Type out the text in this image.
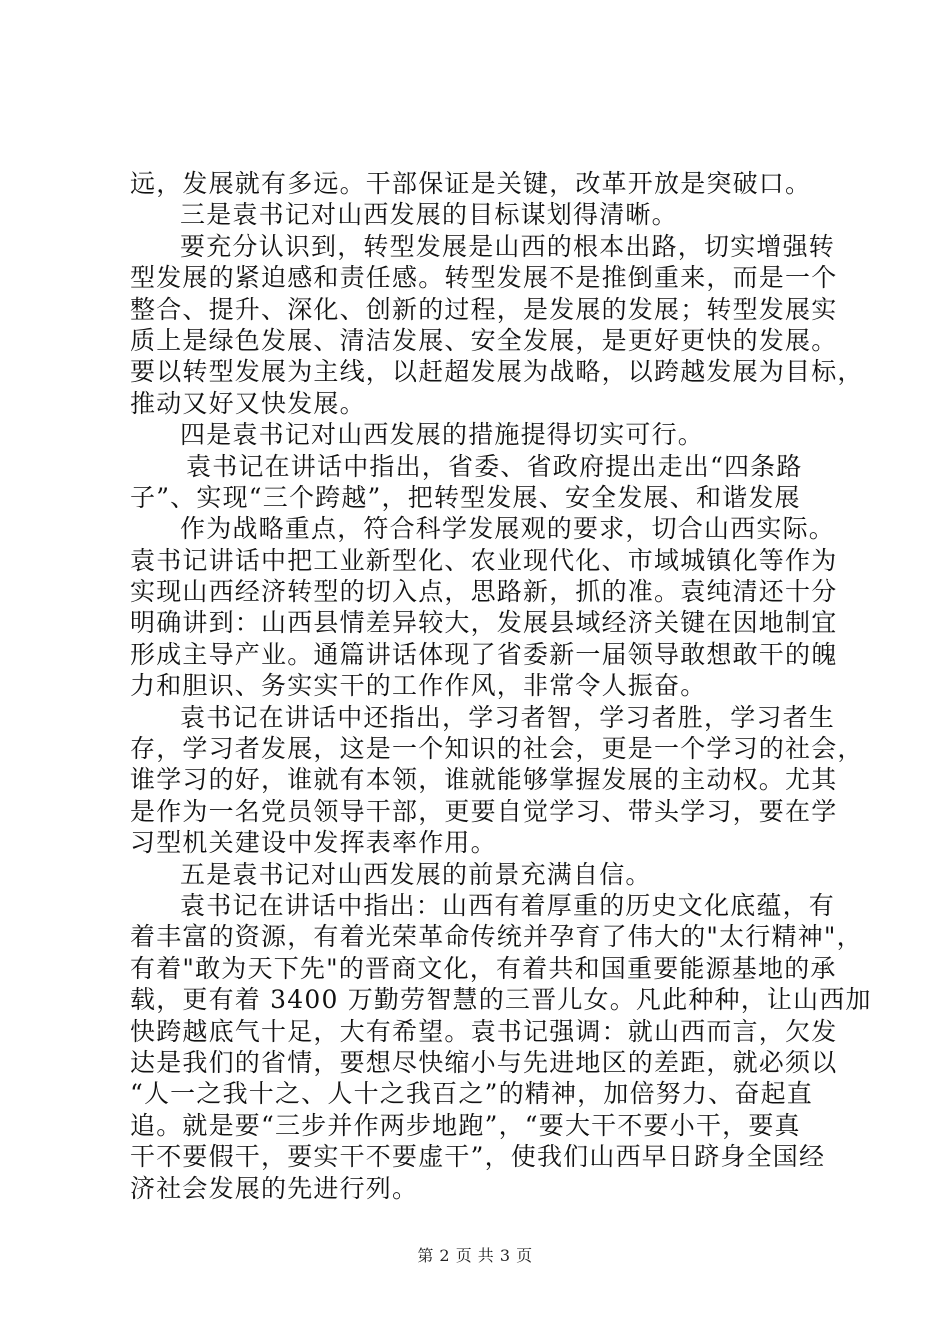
远，发展就有多远。干部保证是关键，改革开放是突破口。
三是袁书记对山西发展的目标谋划得清晰。
要充分认识到，转型发展是山西的根本出路，切实增强转
型发展的紧迫感和责任感。转型发展不是推倒重来，而是一个
整合、提升、深化、创新的过程，是发展的发展；转型发展实
质上是绿色发展、清洁发展、安全发展，是更好更快的发展。
要以转型发展为主线，以赶超发展为战略，以跨越发展为目标，
推动又好又快发展。
四是袁书记对山西发展的措施提得切实可行。
袁书记在讲话中指出，省委、省政府提出走出“四条路
子”、实现“三个跨越”，把转型发展、安全发展、和谐发展
作为战略重点，符合科学发展观的要求，切合山西实际。
袁书记讲话中把工业新型化、农业现代化、市域城镇化等作为
实现山西经济转型的切入点，思路新，抓的准。袁纯清还十分
明确讲到：山西县情差异较大，发展县域经济关键在因地制宜
形成主导产业。通篇讲话体现了省委新一届领导敢想敢干的魄
力和胆识、务实实干的工作作风，非常令人振奋。
袁书记在讲话中还指出，学习者智，学习者胜，学习者生
存，学习者发展，这是一个知识的社会，更是一个学习的社会，
谁学习的好，谁就有本领，谁就能够掌握发展的主动权。尤其
是作为一名党员领导干部，更要自觉学习、带头学习，要在学
习型机关建设中发挥表率作用。
五是袁书记对山西发展的前景充满自信。
袁书记在讲话中指出：山西有着厚重的历史文化底蕴，有
着丰富的资源，有着光荣革命传统并孕育了伟大的"太行精神"，
有着"敢为天下先"的晋商文化，有着共和国重要能源基地的承
载，更有着 3400 万勤劳智慧的三晋儿女。凡此种种，让山西加
快跨越底气十足，大有希望。袁书记强调：就山西而言，欠发
达是我们的省情，要想尽快缩小与先进地区的差距，就必须以
“人一之我十之、人十之我百之”的精神，加倍努力、奋起直
追。就是要“三步并作两步地跑”，“要大干不要小干，要真
干不要假干，要实干不要虚干”，使我们山西早日跻身全国经
济社会发展的先进行列。
第 2 页 共 3 页
